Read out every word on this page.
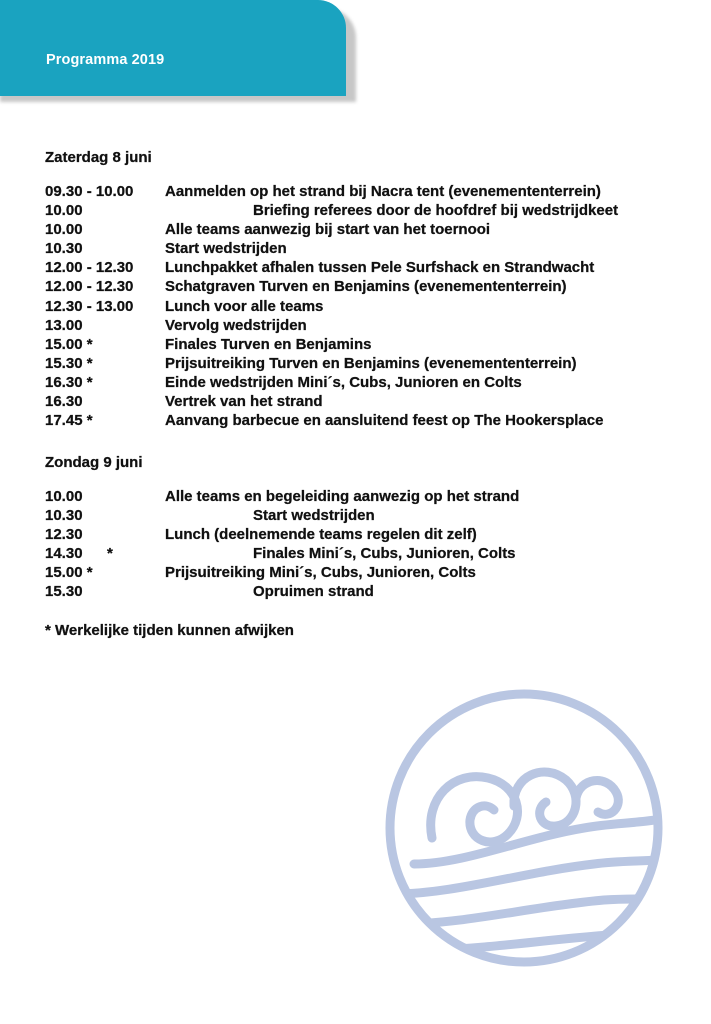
Programma 2019
Zaterdag 8 juni
09.30 - 10.00 Aanmelden op het strand bij Nacra tent (evenemententerrein)
10.00	Briefing referees door de hoofdref bij wedstrijdkeet
10.00	Alle teams aanwezig bij start van het toernooi
10.30	Start wedstrijden
12.00 - 12.30 Lunchpakket afhalen tussen Pele Surfshack en Strandwacht
12.00 - 12.30 Schatgraven Turven en Benjamins (evenemententerrein)
12.30 - 13.00 Lunch voor alle teams
13.00	Vervolg wedstrijden
15.00 *	Finales Turven en Benjamins
15.30 *	Prijsuitreiking Turven en Benjamins (evenemententerrein)
16.30 *	Einde wedstrijden Mini´s, Cubs, Junioren en Colts
16.30	Vertrek van het strand
17.45 *	Aanvang barbecue en aansluitend feest op The Hookersplace
Zondag 9 juni
10.00	Alle teams en begeleiding aanwezig op het strand
10.30	Start wedstrijden
12.30	Lunch (deelnemende teams regelen dit zelf)
14.30 *	Finales Mini´s, Cubs, Junioren, Colts
15.00 *	Prijsuitreiking Mini´s, Cubs, Junioren, Colts
15.30	Opruimen strand
* Werkelijke tijden kunnen afwijken
